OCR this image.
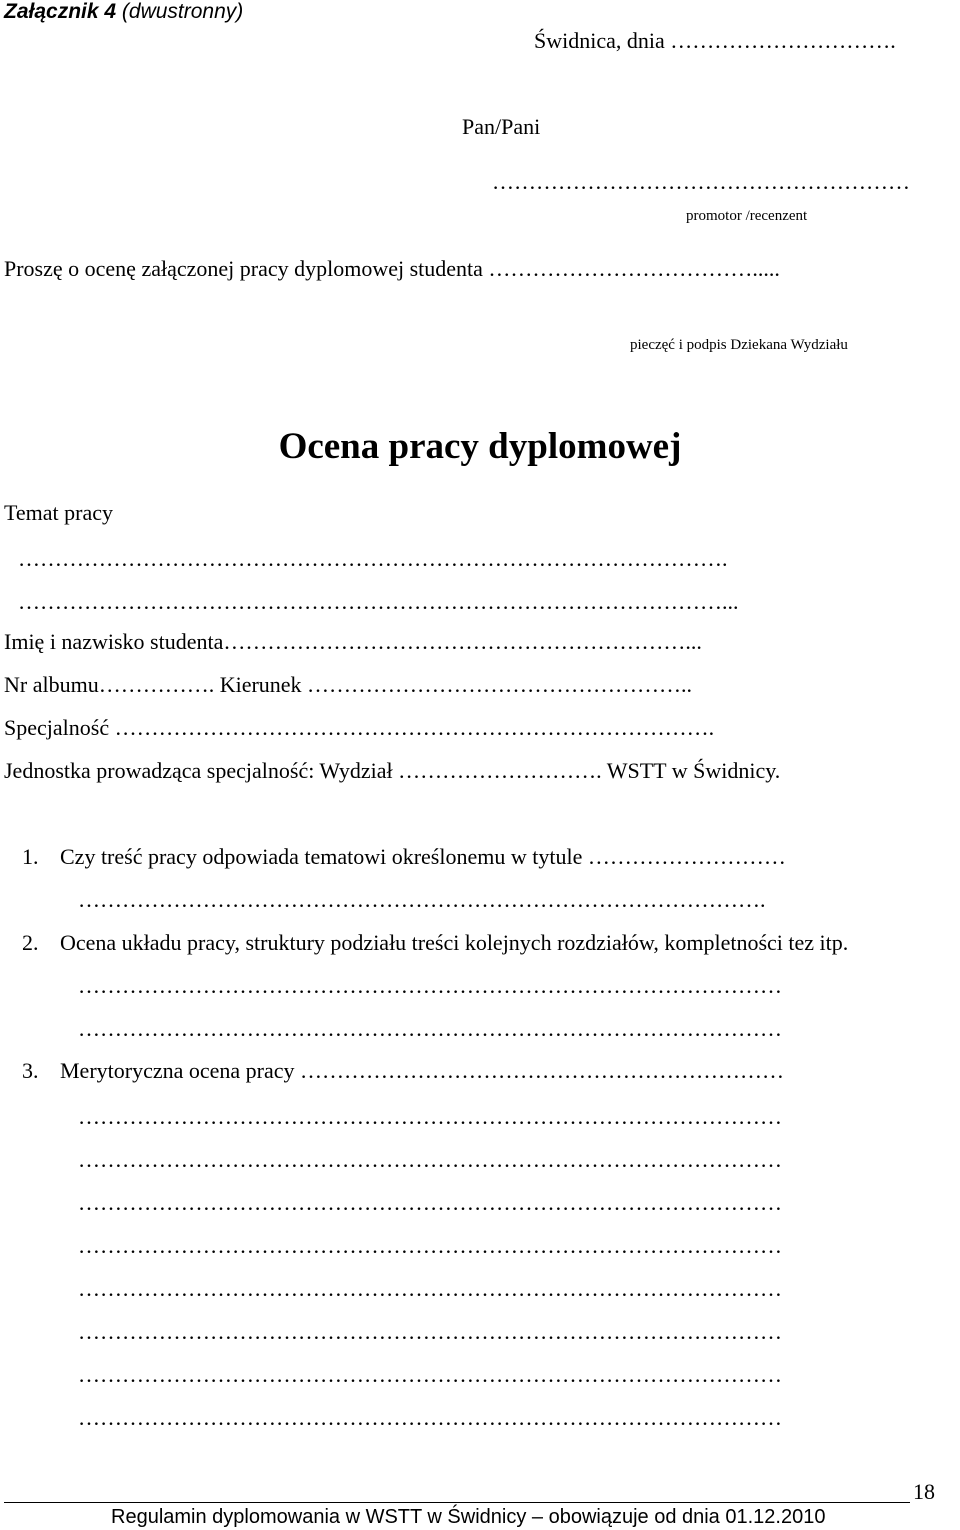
Załącznik 4 (dwustronny)
Świdnica, dnia ………………………….
Pan/Pani
…………………………………………………
promotor /recenzent
Proszę o ocenę załączonej pracy dyplomowej studenta ……………………………….....
pieczęć i podpis Dziekana Wydziału
Ocena pracy dyplomowej
Temat pracy
…………………………………………………………………………………….
……………………………………………………………………………………...
Imię i nazwisko studenta………………………………………………………...
Nr albumu……………. Kierunek ……………………………………………..
Specjalność ……………………………………………………………………….
Jednostka prowadząca specjalność: Wydział ………………………. WSTT w Świdnicy.
1. Czy treść pracy odpowiada tematowi określonemu w tytule ………………………
………………………………………………………………………………….
2. Ocena układu pracy, struktury podziału treści kolejnych rozdziałów, kompletności tez itp.
……………………………………………………………………………………
……………………………………………………………………………………
3. Merytoryczna ocena pracy …………………………………………………………
……………………………………………………………………………………
……………………………………………………………………………………
……………………………………………………………………………………
……………………………………………………………………………………
……………………………………………………………………………………
……………………………………………………………………………………
……………………………………………………………………………………
……………………………………………………………………………………
18
Regulamin dyplomowania w WSTT w Świdnicy – obowiązuje od dnia 01.12.2010
